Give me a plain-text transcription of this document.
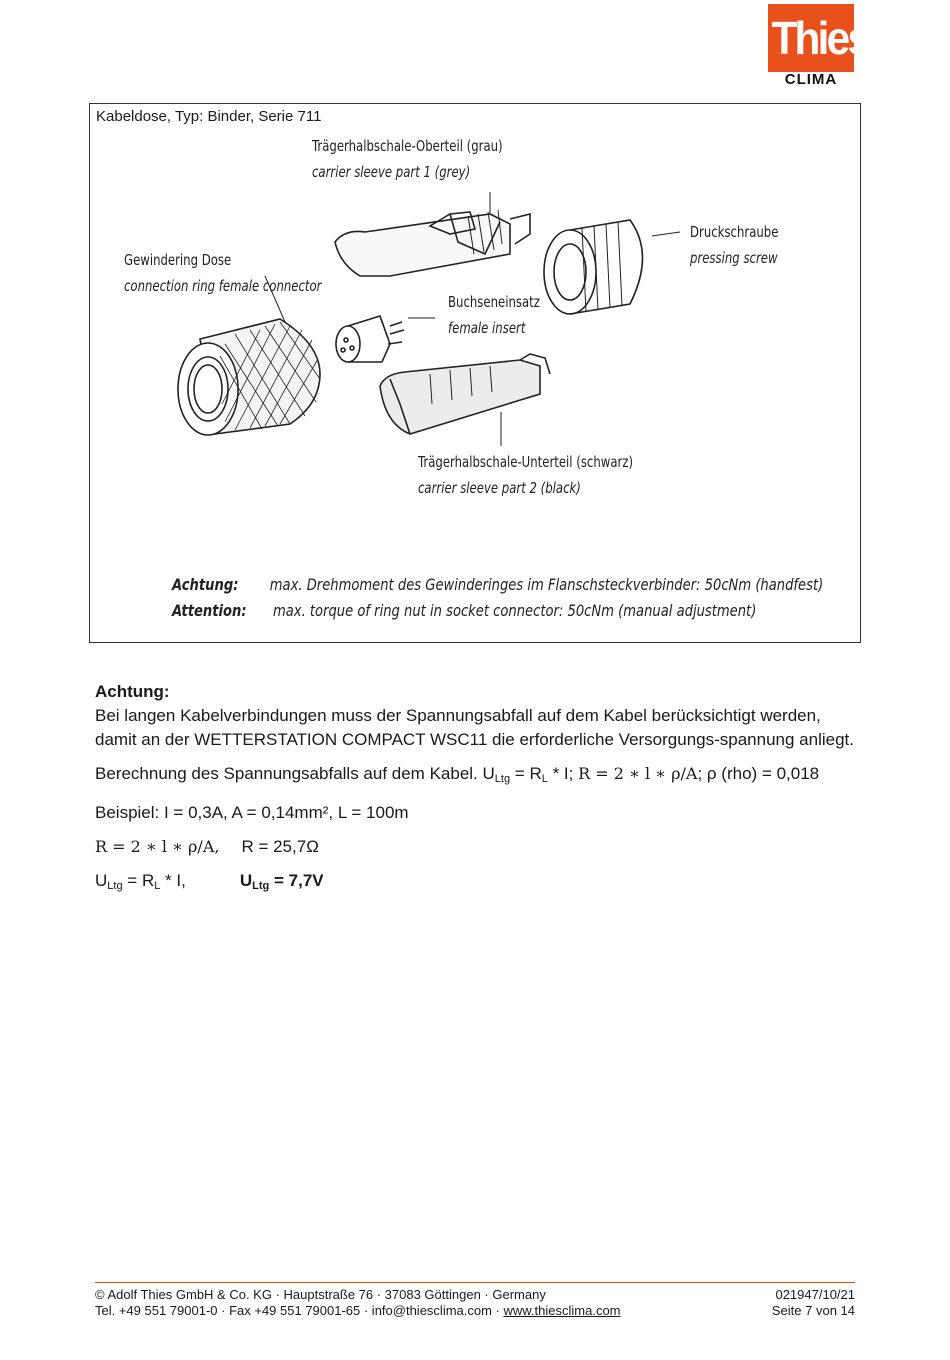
Thies
CLIMA
Kabeldose, Typ: Binder, Serie 711
Trägerhalbschale-Oberteil (grau)
carrier sleeve part 1 (grey)
Gewindering Dose
connection ring female connector
Druckschraube
pressing screw
Buchseneinsatz
female insert
Trägerhalbschale-Unterteil (schwarz)
carrier sleeve part 2 (black)
Achtung: max. Drehmoment des Gewinderinges im Flanschsteckverbinder: 50cNm (handfest)
Attention: max. torque of ring nut in socket connector: 50cNm (manual adjustment)

Achtung:

Bei langen Kabelverbindungen muss der Spannungsabfall auf dem Kabel berücksichtigt werden, damit an der WETTERSTATION COMPACT WSC11 die erforderliche Versorgungs-spannung anliegt.

Berechnung des Spannungsabfalls auf dem Kabel. $U_{Ltg} = R_L * I$; R = 2 ∗ l ∗ ρ/A; ρ (rho) = 0,018

Beispiel: I = 0,3A, A = 0,14mm², L = 100m

R = 2 ∗ l ∗ ρ/A, R = 25,7Ω

$U_{Ltg} = R_L * I$,	$U_{Ltg} = 7,7V$

© Adolf Thies GmbH & Co. KG · Hauptstraße 76 · 37083 Göttingen · Germany	021947/10/21
Tel. +49 551 79001-0 · Fax +49 551 79001-65 · info@thiesclima.com · www.thiesclima.com	Seite 7 von 14
